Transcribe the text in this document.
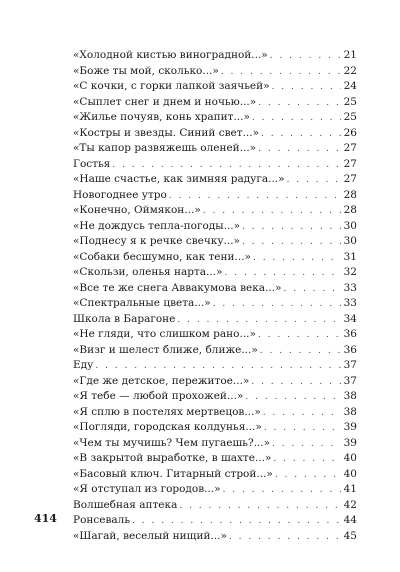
«Холодной кистью виноградной...» . . .	21
«Боже ты мой, сколько...» . . .	22
«С кочки, с горки лапкой заячьей» . . .	24
«Сыплет снег и днем и ночью...» . . .	25
«Жилье почуяв, конь храпит...» . . .	25
«Костры и звезды. Синий свет...» . . .	26
«Ты капор развяжешь оленей...» . . .	27
Гостья . . .	27
«Наше счастье, как зимняя радуга...» . . .	27
Новогоднее утро . . .	28
«Конечно, Оймякон...» . . .	28
«Не дождусь тепла-погоды...» . . .	30
«Поднесу я к речке свечку...» . . .	30
«Собаки бесшумно, как тени...» . . .	31
«Скользи, оленья нарта...» . . .	32
«Все те же снега Аввакумова века...» . . .	33
«Спектральные цвета...» . . .	33
Школа в Барагоне . . .	34
«Не гляди, что слишком рано...» . . .	36
«Визг и шелест ближе, ближе...» . . .	36
Еду . . .	37
«Где же детское, пережитое...» . . .	37
«Я тебе — любой прохожей...» . . .	38
«Я сплю в постелях мертвецов...» . . .	38
«Погляди, городская колдунья...» . . .	39
«Чем ты мучишь? Чем пугаешь?...» . . .	39
«В закрытой выработке, в шахте...» . . .	40
«Басовый ключ. Гитарный строй...» . . .	40
«Я отступал из городов...» . . .	41
Волшебная аптека . . .	42
Ронсеваль . . .	44
«Шагай, веселый нищий...» . . .	45
414
